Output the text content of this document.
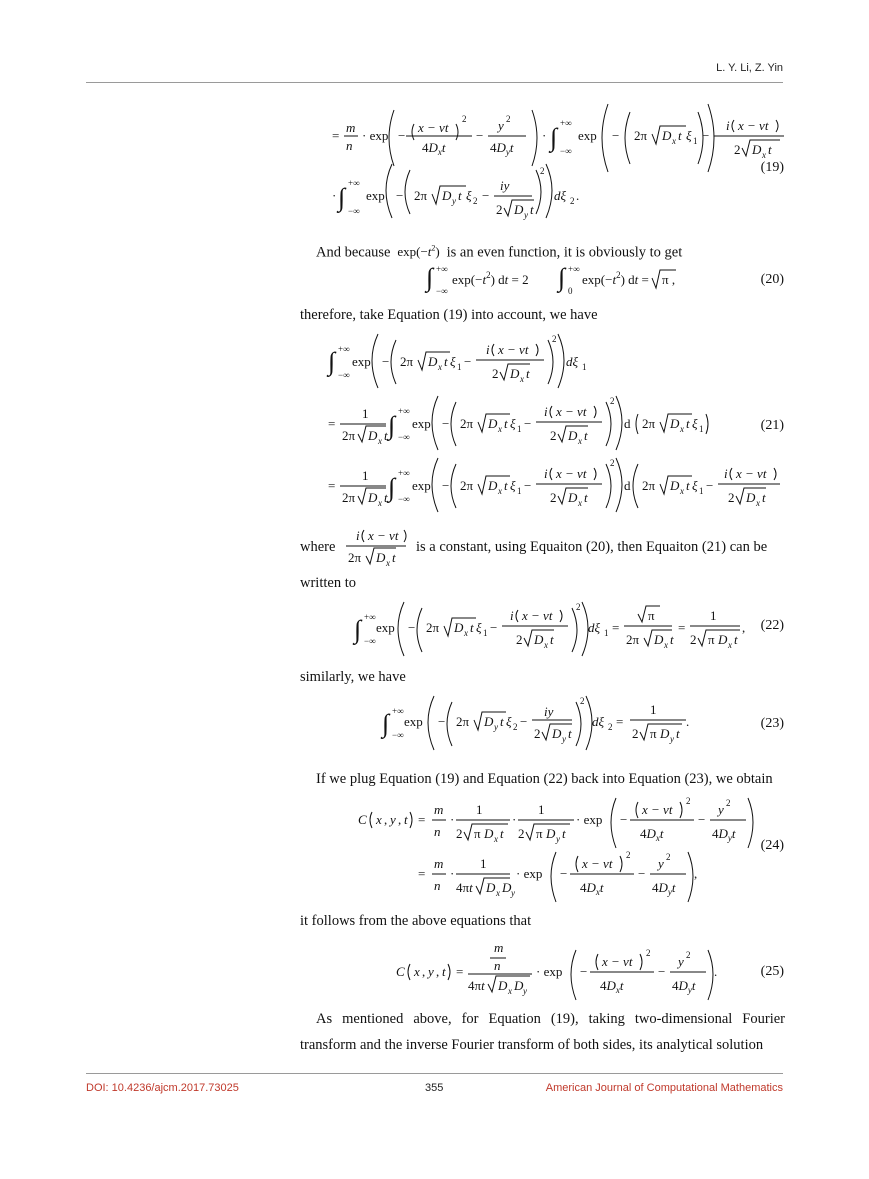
L. Y. Li, Z. Yin
=
m
n
· exp −
x − vt
2
$4D_xt$
−
y 2
$4D_yt$
· ∫ +∞
−∞
exp − 2π D x t ξ 1 −
i x − vt
2 D x t
· ∫ +∞
−∞
exp − 2π D y t ξ 2 −
iy
2 D y t
2
dξ 2 .
(19)
And because  $\exp(-t^2)$  is an even function, it is obviously to get
∫ +∞
−∞
$\exp(-t^2)$ dt = 2 ∫ +∞
0
$\exp(-t^2)$ dt = π ,	(20)
therefore, take Equation (19) into account, we have
∫ +∞
−∞
exp − 2π D x t ξ 1 −
i x − vt
2 D x t
2
dξ 1
=
1
2π D x t ∫ +∞
−∞
exp − 2π D x t ξ 1 −
i x − vt
2 D x t
2
d 2π D x t ξ 1
=
1
2π D x t ∫ +∞
−∞
exp − 2π D x t ξ 1 −
i x − vt
2 D x t
2
d 2π D x t ξ 1 −
i x − vt
2 D x t
(21)
where
i x − vt
2π D x t
is a constant, using Equaiton (20), then Equaiton (21) can be
written to
∫ +∞
−∞
exp − 2π D x t ξ 1 −
i x − vt
2 D x t
2
dξ 1 =
π
2π D x t
=
1
2 π D x t
, (22)
similarly, we have
∫ +∞
−∞
exp − 2π D y t ξ 2 −
iy
2 D y t
2
dξ 2 =
1
2 π D y t
.	(23)
If we plug Equation (19) and Equation (22) back into Equation (23), we obtain
C x , y , t =
m
n
·
1
2 π D x t
·
1
2 π D y t
· exp −
x − vt
2
$4D_xt$
−
y 2
$4D_yt$
=
m
n
·
1
4πt D x D y
· exp −
x − vt
2
$4D_xt$
−
y 2
$4D_yt$
,
(24)
it follows from the above equations that
C x , y , t =
m
n
4πt D x D y
· exp −
x − vt
2
$4D_xt$
−
y 2
$4D_yt$
.	(25)
As mentioned above, for Equation (19), taking two-dimensional Fourier transform and the inverse Fourier transform of both sides, its analytical solution
DOI: 10.4236/ajcm.2017.73025	355	American Journal of Computational Mathematics
